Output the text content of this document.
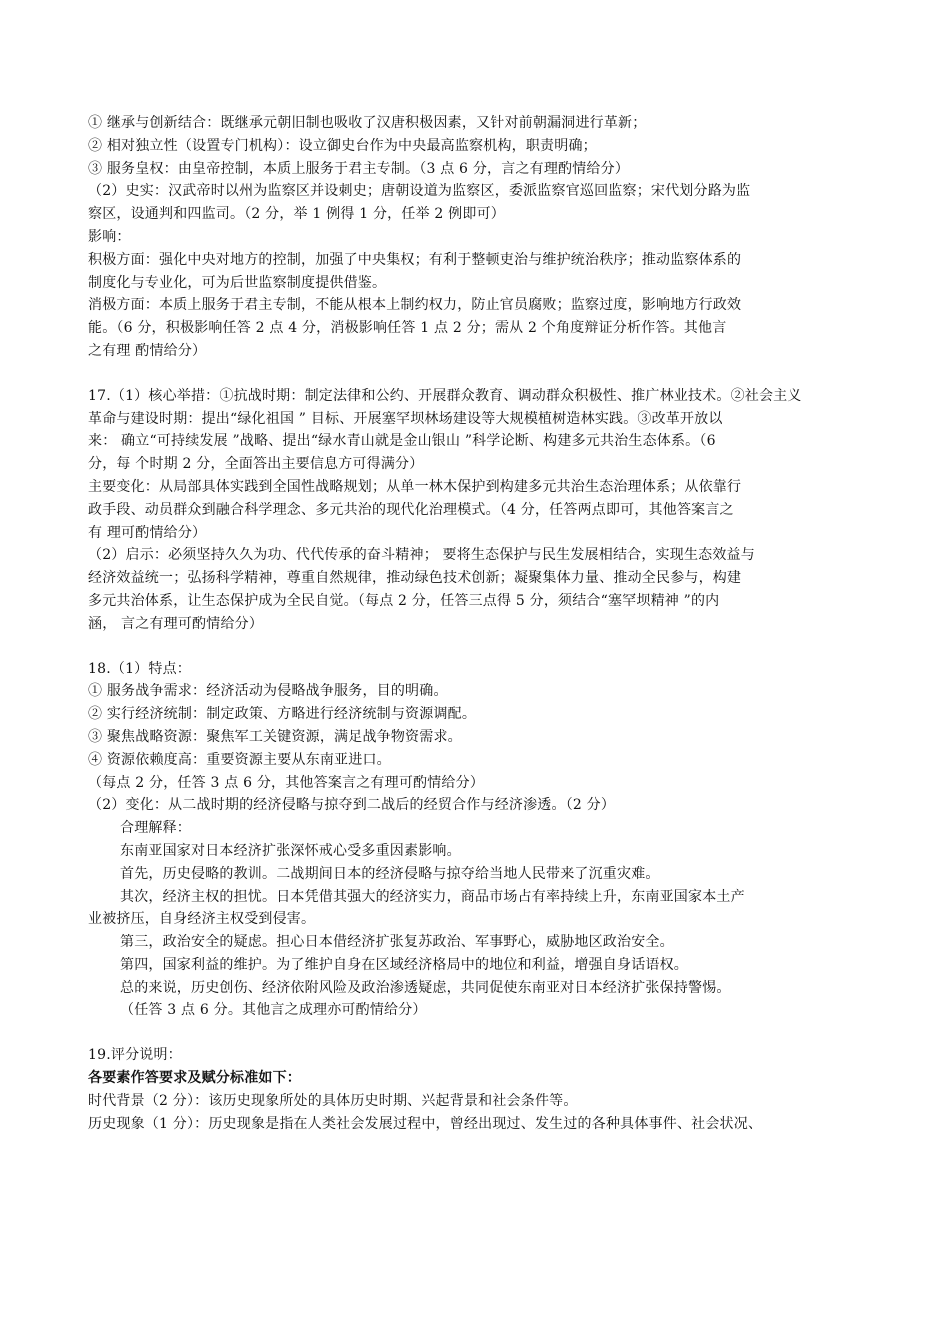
① 继承与创新结合：既继承元朝旧制也吸收了汉唐积极因素，又针对前朝漏洞进行革新；
② 相对独立性（设置专门机构）：设立御史台作为中央最高监察机构，职责明确；
③ 服务皇权：由皇帝控制，本质上服务于君主专制。（3 点 6 分，言之有理酌情给分）
（2）史实：汉武帝时以州为监察区并设刺史；唐朝设道为监察区，委派监察官巡回监察；宋代划分路为监
察区，设通判和四监司。（2 分，举 1 例得 1 分，任举 2 例即可）
影响：
积极方面：强化中央对地方的控制，加强了中央集权；有利于整顿吏治与维护统治秩序；推动监察体系的
制度化与专业化，可为后世监察制度提供借鉴。
消极方面：本质上服务于君主专制，不能从根本上制约权力，防止官员腐败；监察过度，影响地方行政效
能。（6 分，积极影响任答 2 点 4 分，消极影响任答 1 点 2 分；需从 2 个角度辩证分析作答。其他言
之有理 酌情给分）
17.（1）核心举措：①抗战时期：制定法律和公约、开展群众教育、调动群众积极性、推广林业技术。②社会主义
革命与建设时期：提出“绿化祖国 ” 目标、开展塞罕坝林场建设等大规模植树造林实践。③改革开放以
来： 确立“可持续发展 ”战略、提出“绿水青山就是金山银山 ”科学论断、构建多元共治生态体系。（6
分，每 个时期 2 分，全面答出主要信息方可得满分）
主要变化：从局部具体实践到全国性战略规划；从单一林木保护到构建多元共治生态治理体系；从依靠行
政手段、动员群众到融合科学理念、多元共治的现代化治理模式。（4 分，任答两点即可，其他答案言之
有 理可酌情给分）
（2）启示：必须坚持久久为功、代代传承的奋斗精神； 要将生态保护与民生发展相结合，实现生态效益与
经济效益统一；弘扬科学精神，尊重自然规律，推动绿色技术创新；凝聚集体力量、推动全民参与，构建
多元共治体系，让生态保护成为全民自觉。（每点 2 分，任答三点得 5 分，须结合“塞罕坝精神 ”的内
涵， 言之有理可酌情给分）
18.（1）特点：
① 服务战争需求：经济活动为侵略战争服务，目的明确。
② 实行经济统制：制定政策、方略进行经济统制与资源调配。
③ 聚焦战略资源：聚焦军工关键资源，满足战争物资需求。
④ 资源依赖度高：重要资源主要从东南亚进口。
（每点 2 分，任答 3 点 6 分，其他答案言之有理可酌情给分）
（2）变化：从二战时期的经济侵略与掠夺到二战后的经贸合作与经济渗透。（2 分）
合理解释：
东南亚国家对日本经济扩张深怀戒心受多重因素影响。
首先，历史侵略的教训。二战期间日本的经济侵略与掠夺给当地人民带来了沉重灾难。
其次，经济主权的担忧。日本凭借其强大的经济实力，商品市场占有率持续上升，东南亚国家本土产
业被挤压，自身经济主权受到侵害。
第三，政治安全的疑虑。担心日本借经济扩张复苏政治、军事野心，威胁地区政治安全。
第四，国家利益的维护。为了维护自身在区域经济格局中的地位和利益，增强自身话语权。
总的来说，历史创伤、经济依附风险及政治渗透疑虑，共同促使东南亚对日本经济扩张保持警惕。
（任答 3 点 6 分。其他言之成理亦可酌情给分）
19.评分说明：
各要素作答要求及赋分标准如下：
时代背景（2 分）：该历史现象所处的具体历史时期、兴起背景和社会条件等。
历史现象（1 分）：历史现象是指在人类社会发展过程中，曾经出现过、发生过的各种具体事件、社会状况、
